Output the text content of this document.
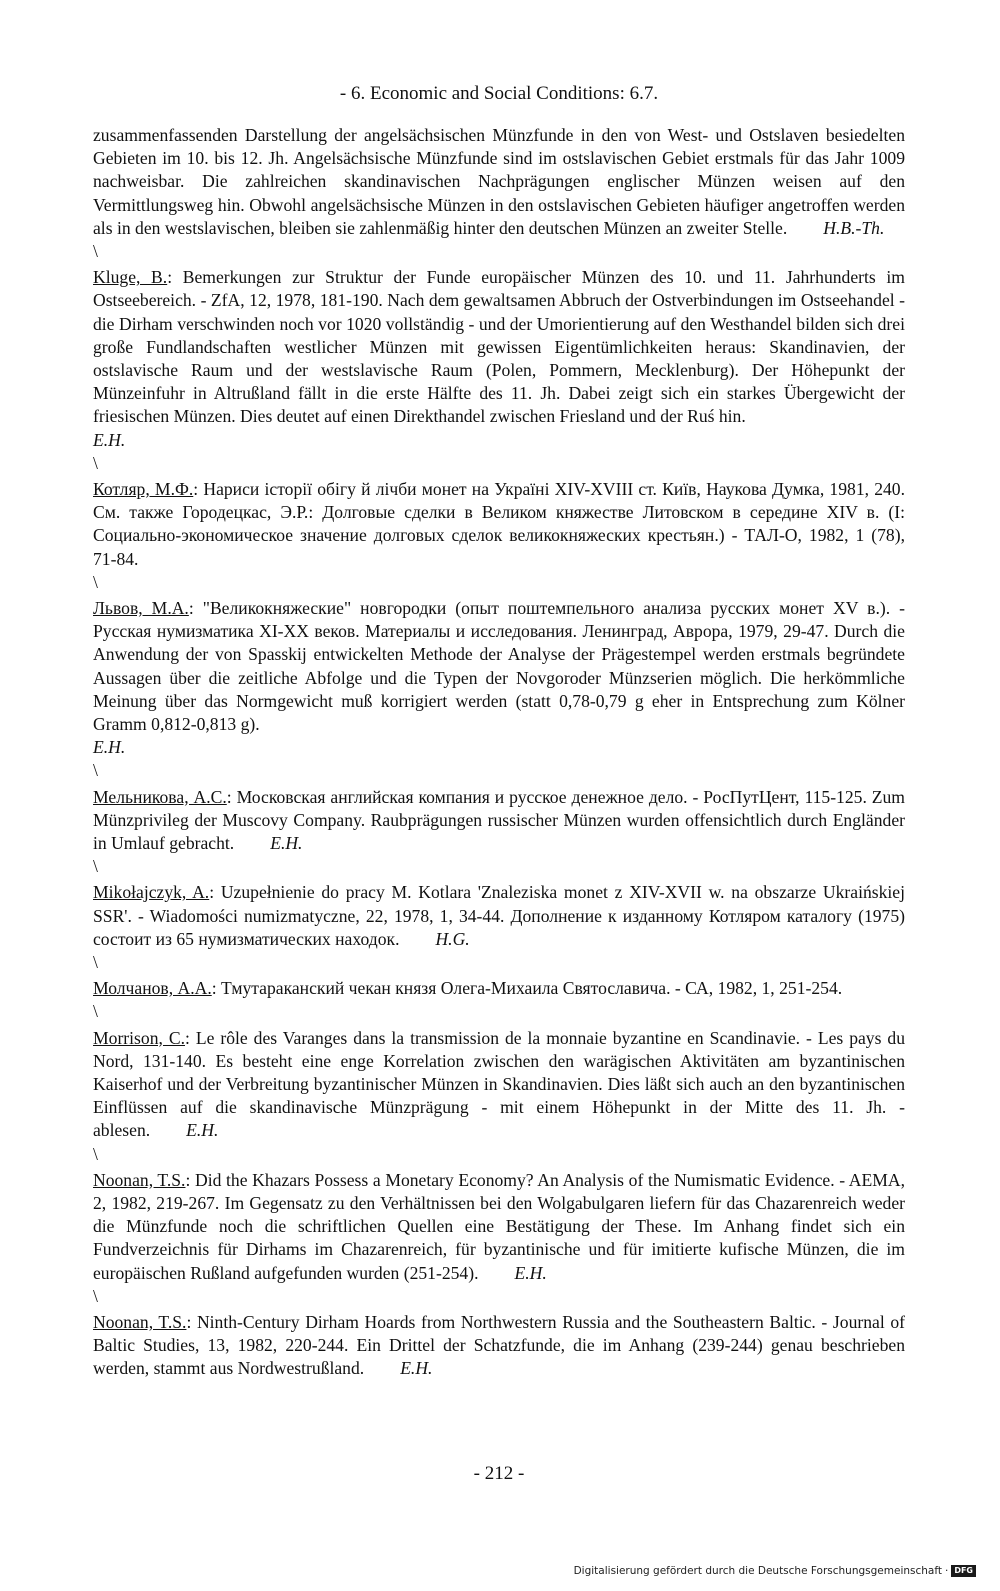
- 6. Economic and Social Conditions: 6.7.

zusammenfassenden Darstellung der angelsächsischen Münzfunde in den von West- und Ostslaven besiedelten Gebieten im 10. bis 12. Jh. Angelsächsische Münzfunde sind im ostslavischen Gebiet erstmals für das Jahr 1009 nachweisbar. Die zahlreichen skandinavischen Nachprägungen englischer Münzen weisen auf den Vermittlungsweg hin. Obwohl angelsächsische Münzen in den ostslavischen Gebieten häufiger angetroffen werden als in den westslavischen, bleiben sie zahlenmäßig hinter den deutschen Münzen an zweiter Stelle. H.B.-Th.

\

Kluge, B.: Bemerkungen zur Struktur der Funde europäischer Münzen des 10. und 11. Jahrhunderts im Ostseebereich. - ZfA, 12, 1978, 181-190. Nach dem gewaltsamen Abbruch der Ostverbindungen im Ostseehandel - die Dirham verschwinden noch vor 1020 vollständig - und der Umorientierung auf den Westhandel bilden sich drei große Fundlandschaften westlicher Münzen mit gewissen Eigentümlichkeiten heraus: Skandinavien, der ostslavische Raum und der westslavische Raum (Polen, Pommern, Mecklenburg). Der Höhepunkt der Münzeinfuhr in Altrußland fällt in die erste Hälfte des 11. Jh. Dabei zeigt sich ein starkes Übergewicht der friesischen Münzen. Dies deutet auf einen Direkthandel zwischen Friesland und der Ruś hin.
E.H.

\

Котляр, М.Ф.: Нариси історії обігу й лічби монет на Україні XIV-XVIII ст. Київ, Наукова Думка, 1981, 240. См. также Городецкас, Э.Р.: Долговые сделки в Великом княжестве Литовском в середине XIV в. (I: Социально-экономическое значение долговых сделок великокняжеских крестьян.) - ТАЛ-О, 1982, 1 (78), 71-84.

\

Львов, М.А.: "Великокняжеские" новгородки (опыт поштемпельного анализа русских монет XV в.). - Русская нумизматика XI-XX веков. Материалы и исследования. Ленинград, Аврора, 1979, 29-47. Durch die Anwendung der von Spasskij entwickelten Methode der Analyse der Prägestempel werden erstmals begründete Aussagen über die zeitliche Abfolge und die Typen der Novgoroder Münzserien möglich. Die herkömmliche Meinung über das Normgewicht muß korrigiert werden (statt 0,78-0,79 g eher in Entsprechung zum Kölner Gramm 0,812-0,813 g).
E.H.

\

Мельникова, А.С.: Московская английская компания и русское денежное дело. - РосПутЦент, 115-125. Zum Münzprivileg der Muscovy Company. Raubprägungen russischer Münzen wurden offensichtlich durch Engländer in Umlauf gebracht. E.H.

\

Mikołajczyk, A.: Uzupełnienie do pracy M. Kotlara 'Znaleziska monet z XIV-XVII w. na obszarze Ukraińskiej SSR'. - Wiadomości numizmatyczne, 22, 1978, 1, 34-44. Дополнение к изданному Котляром каталогу (1975) состоит из 65 нумизматических находок. H.G.

\

Молчанов, А.А.: Тмутараканский чекан князя Олега-Михаила Святославича. - СА, 1982, 1, 251-254.

\

Morrison, C.: Le rôle des Varanges dans la transmission de la monnaie byzantine en Scandinavie. - Les pays du Nord, 131-140. Es besteht eine enge Korrelation zwischen den warägischen Aktivitäten am byzantinischen Kaiserhof und der Verbreitung byzantinischer Münzen in Skandinavien. Dies läßt sich auch an den byzantinischen Einflüssen auf die skandinavische Münzprägung - mit einem Höhepunkt in der Mitte des 11. Jh. - ablesen. E.H.

\

Noonan, T.S.: Did the Khazars Possess a Monetary Economy? An Analysis of the Numismatic Evidence. - AEMA, 2, 1982, 219-267. Im Gegensatz zu den Verhältnissen bei den Wolgabulgaren liefern für das Chazarenreich weder die Münzfunde noch die schriftlichen Quellen eine Bestätigung der These. Im Anhang findet sich ein Fundverzeichnis für Dirhams im Chazarenreich, für byzantinische und für imitierte kufische Münzen, die im europäischen Rußland aufgefunden wurden (251-254). E.H.

\

Noonan, T.S.: Ninth-Century Dirham Hoards from Northwestern Russia and the Southeastern Baltic. - Journal of Baltic Studies, 13, 1982, 220-244. Ein Drittel der Schatzfunde, die im Anhang (239-244) genau beschrieben werden, stammt aus Nordwestrußland. E.H.

- 212 -
Digitalisierung gefördert durch die Deutsche Forschungsgemeinschaft · DFG
